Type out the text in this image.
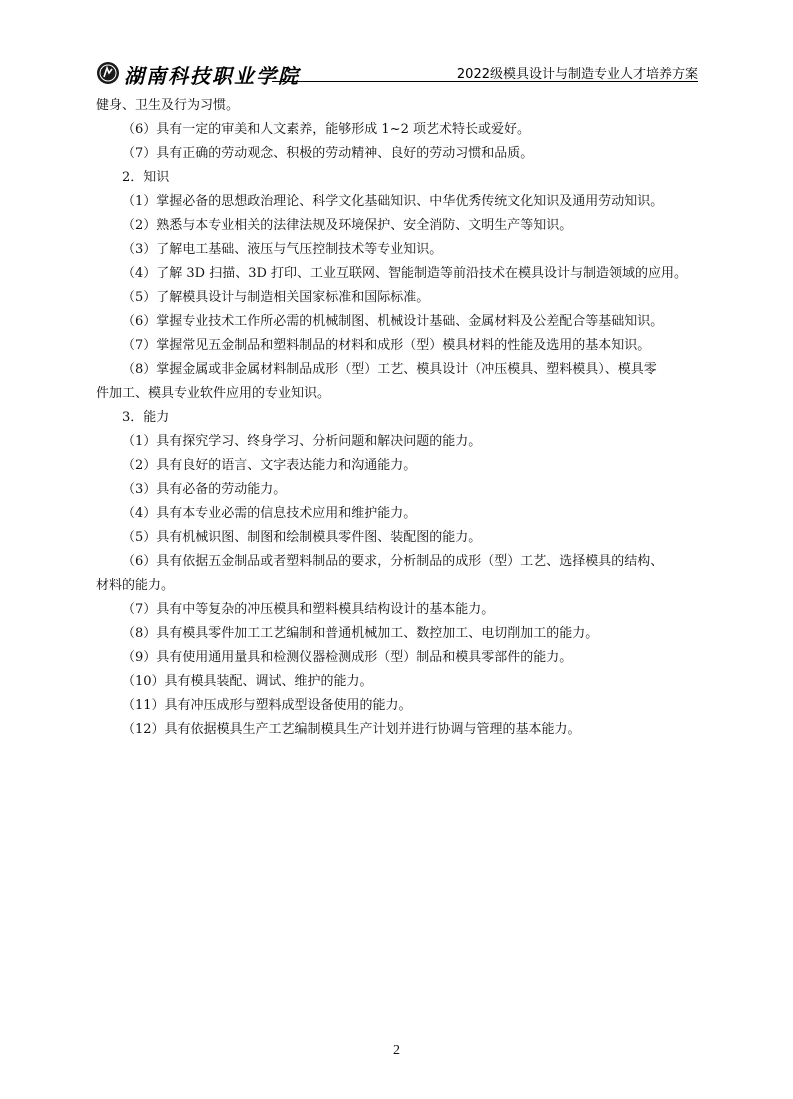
湖南科技职业学院	2022级模具设计与制造专业人才培养方案
健身、卫生及行为习惯。
（6）具有一定的审美和人文素养，能够形成 1~2 项艺术特长或爱好。
（7）具有正确的劳动观念、积极的劳动精神、良好的劳动习惯和品质。
2．知识
（1）掌握必备的思想政治理论、科学文化基础知识、中华优秀传统文化知识及通用劳动知识。
（2）熟悉与本专业相关的法律法规及环境保护、安全消防、文明生产等知识。
（3）了解电工基础、液压与气压控制技术等专业知识。
（4）了解 3D 扫描、3D 打印、工业互联网、智能制造等前沿技术在模具设计与制造领域的应用。
（5）了解模具设计与制造相关国家标准和国际标准。
（6）掌握专业技术工作所必需的机械制图、机械设计基础、金属材料及公差配合等基础知识。
（7）掌握常见五金制品和塑料制品的材料和成形（型）模具材料的性能及选用的基本知识。
（8）掌握金属或非金属材料制品成形（型）工艺、模具设计（冲压模具、塑料模具）、模具零
件加工、模具专业软件应用的专业知识。
3．能力
（1）具有探究学习、终身学习、分析问题和解决问题的能力。
（2）具有良好的语言、文字表达能力和沟通能力。
（3）具有必备的劳动能力。
（4）具有本专业必需的信息技术应用和维护能力。
（5）具有机械识图、制图和绘制模具零件图、装配图的能力。
（6）具有依据五金制品或者塑料制品的要求，分析制品的成形（型）工艺、选择模具的结构、
材料的能力。
（7）具有中等复杂的冲压模具和塑料模具结构设计的基本能力。
（8）具有模具零件加工工艺编制和普通机械加工、数控加工、电切削加工的能力。
（9）具有使用通用量具和检测仪器检测成形（型）制品和模具零部件的能力。
（10）具有模具装配、调试、维护的能力。
（11）具有冲压成形与塑料成型设备使用的能力。
（12）具有依据模具生产工艺编制模具生产计划并进行协调与管理的基本能力。
2
